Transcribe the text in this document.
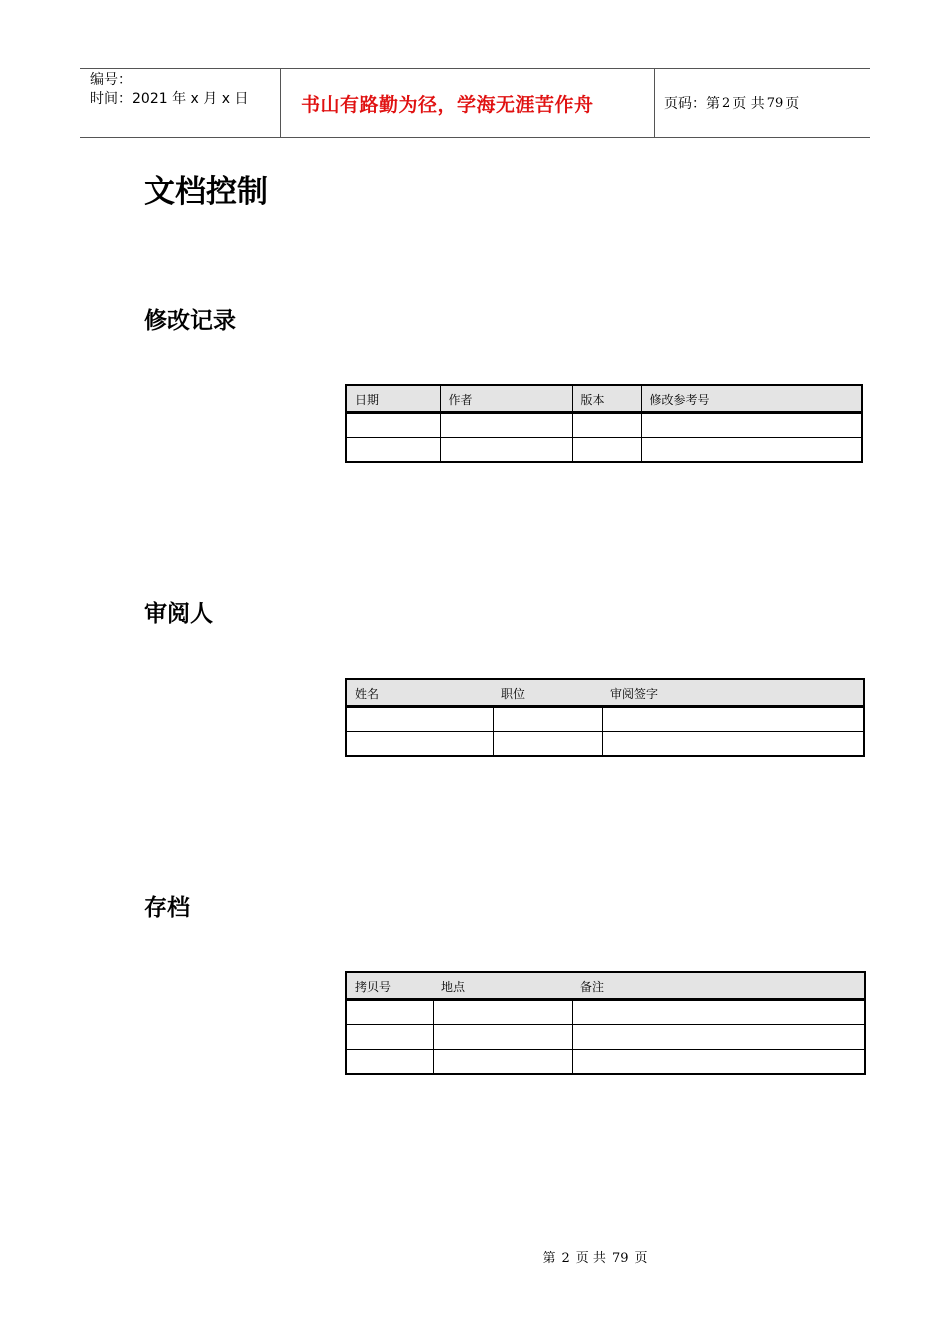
编号：
时间：2021 年 x 月 x 日	书山有路勤为径，学海无涯苦作舟	页码：第 2 页 共 79 页
文档控制
修改记录
日期	作者	版本	修改参考号

审阅人
姓名	职位	审阅签字

存档
拷贝号	地点	备注

第 2 页 共 79 页
